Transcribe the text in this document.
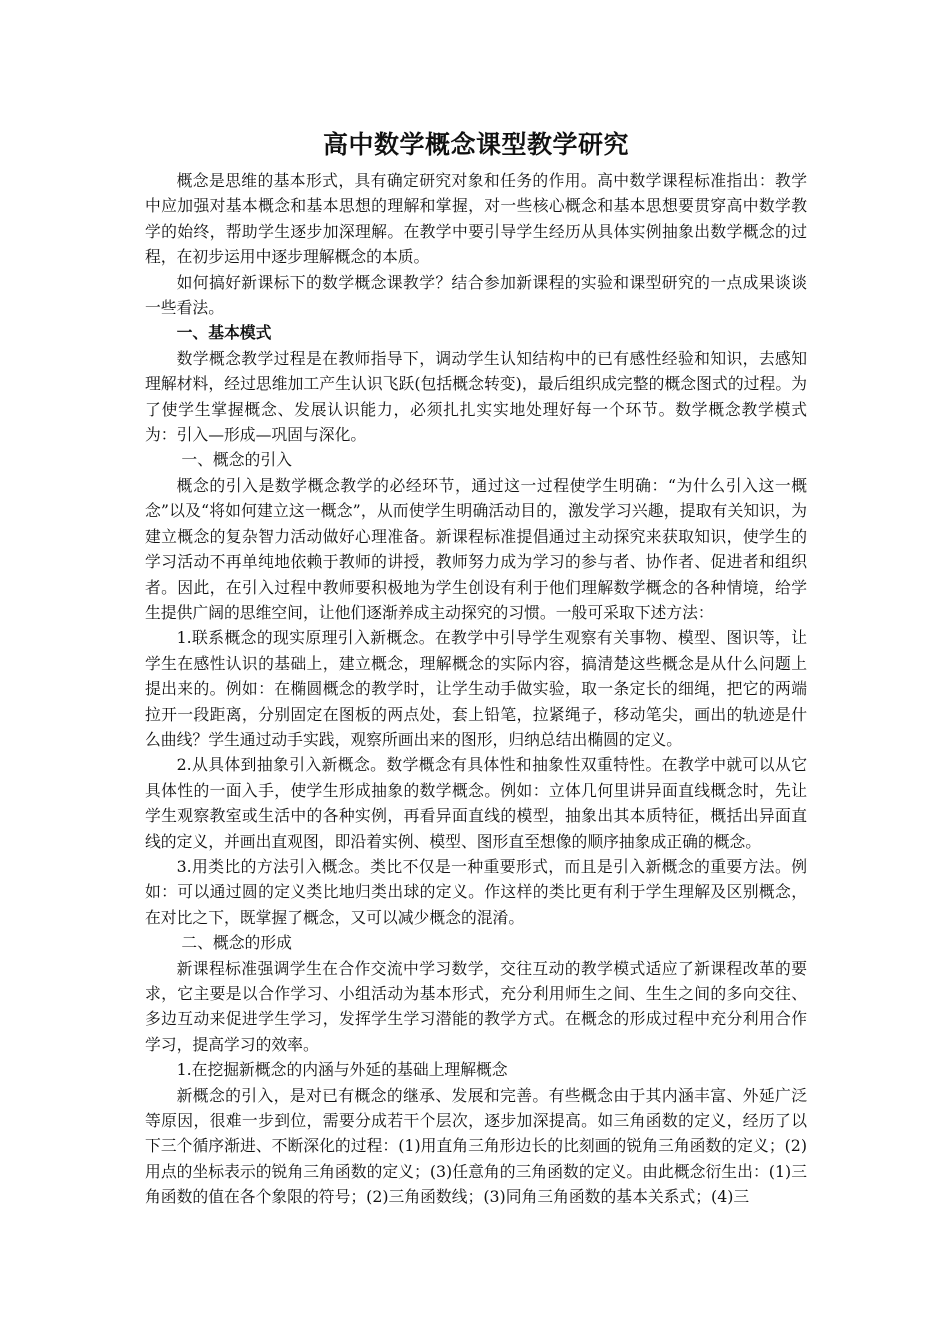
高中数学概念课型教学研究

概念是思维的基本形式，具有确定研究对象和任务的作用。高中数学课程标准指出：教学中应加强对基本概念和基本思想的理解和掌握，对一些核心概念和基本思想要贯穿高中数学教学的始终，帮助学生逐步加深理解。在教学中要引导学生经历从具体实例抽象出数学概念的过程，在初步运用中逐步理解概念的本质。

如何搞好新课标下的数学概念课教学？结合参加新课程的实验和课型研究的一点成果谈谈一些看法。

一、基本模式

数学概念教学过程是在教师指导下，调动学生认知结构中的已有感性经验和知识，去感知理解材料，经过思维加工产生认识飞跃(包括概念转变)，最后组织成完整的概念图式的过程。为了使学生掌握概念、发展认识能力，必须扎扎实实地处理好每一个环节。数学概念教学模式为：引入—形成—巩固与深化。

一、概念的引入

概念的引入是数学概念教学的必经环节，通过这一过程使学生明确：“为什么引入这一概念”以及“将如何建立这一概念”，从而使学生明确活动目的，激发学习兴趣，提取有关知识，为建立概念的复杂智力活动做好心理准备。新课程标准提倡通过主动探究来获取知识，使学生的学习活动不再单纯地依赖于教师的讲授，教师努力成为学习的参与者、协作者、促进者和组织者。因此，在引入过程中教师要积极地为学生创设有利于他们理解数学概念的各种情境，给学生提供广阔的思维空间，让他们逐渐养成主动探究的习惯。一般可采取下述方法：

1.联系概念的现实原理引入新概念。在教学中引导学生观察有关事物、模型、图识等，让学生在感性认识的基础上，建立概念，理解概念的实际内容，搞清楚这些概念是从什么问题上提出来的。例如：在椭圆概念的教学时，让学生动手做实验，取一条定长的细绳，把它的两端拉开一段距离，分别固定在图板的两点处，套上铅笔，拉紧绳子，移动笔尖，画出的轨迹是什么曲线？学生通过动手实践，观察所画出来的图形，归纳总结出椭圆的定义。

2.从具体到抽象引入新概念。数学概念有具体性和抽象性双重特性。在教学中就可以从它具体性的一面入手，使学生形成抽象的数学概念。例如：立体几何里讲异面直线概念时，先让学生观察教室或生活中的各种实例，再看异面直线的模型，抽象出其本质特征，概括出异面直线的定义，并画出直观图，即沿着实例、模型、图形直至想像的顺序抽象成正确的概念。

3.用类比的方法引入概念。类比不仅是一种重要形式，而且是引入新概念的重要方法。例如：可以通过圆的定义类比地归类出球的定义。作这样的类比更有利于学生理解及区别概念，在对比之下，既掌握了概念，又可以减少概念的混淆。

二、概念的形成

新课程标准强调学生在合作交流中学习数学，交往互动的教学模式适应了新课程改革的要求，它主要是以合作学习、小组活动为基本形式，充分利用师生之间、生生之间的多向交往、多边互动来促进学生学习，发挥学生学习潜能的教学方式。在概念的形成过程中充分利用合作学习，提高学习的效率。

1.在挖掘新概念的内涵与外延的基础上理解概念

新概念的引入，是对已有概念的继承、发展和完善。有些概念由于其内涵丰富、外延广泛等原因，很难一步到位，需要分成若干个层次，逐步加深提高。如三角函数的定义，经历了以下三个循序渐进、不断深化的过程：(1)用直角三角形边长的比刻画的锐角三角函数的定义；(2)用点的坐标表示的锐角三角函数的定义；(3)任意角的三角函数的定义。由此概念衍生出：(1)三角函数的值在各个象限的符号；(2)三角函数线；(3)同角三角函数的基本关系式；(4)三
